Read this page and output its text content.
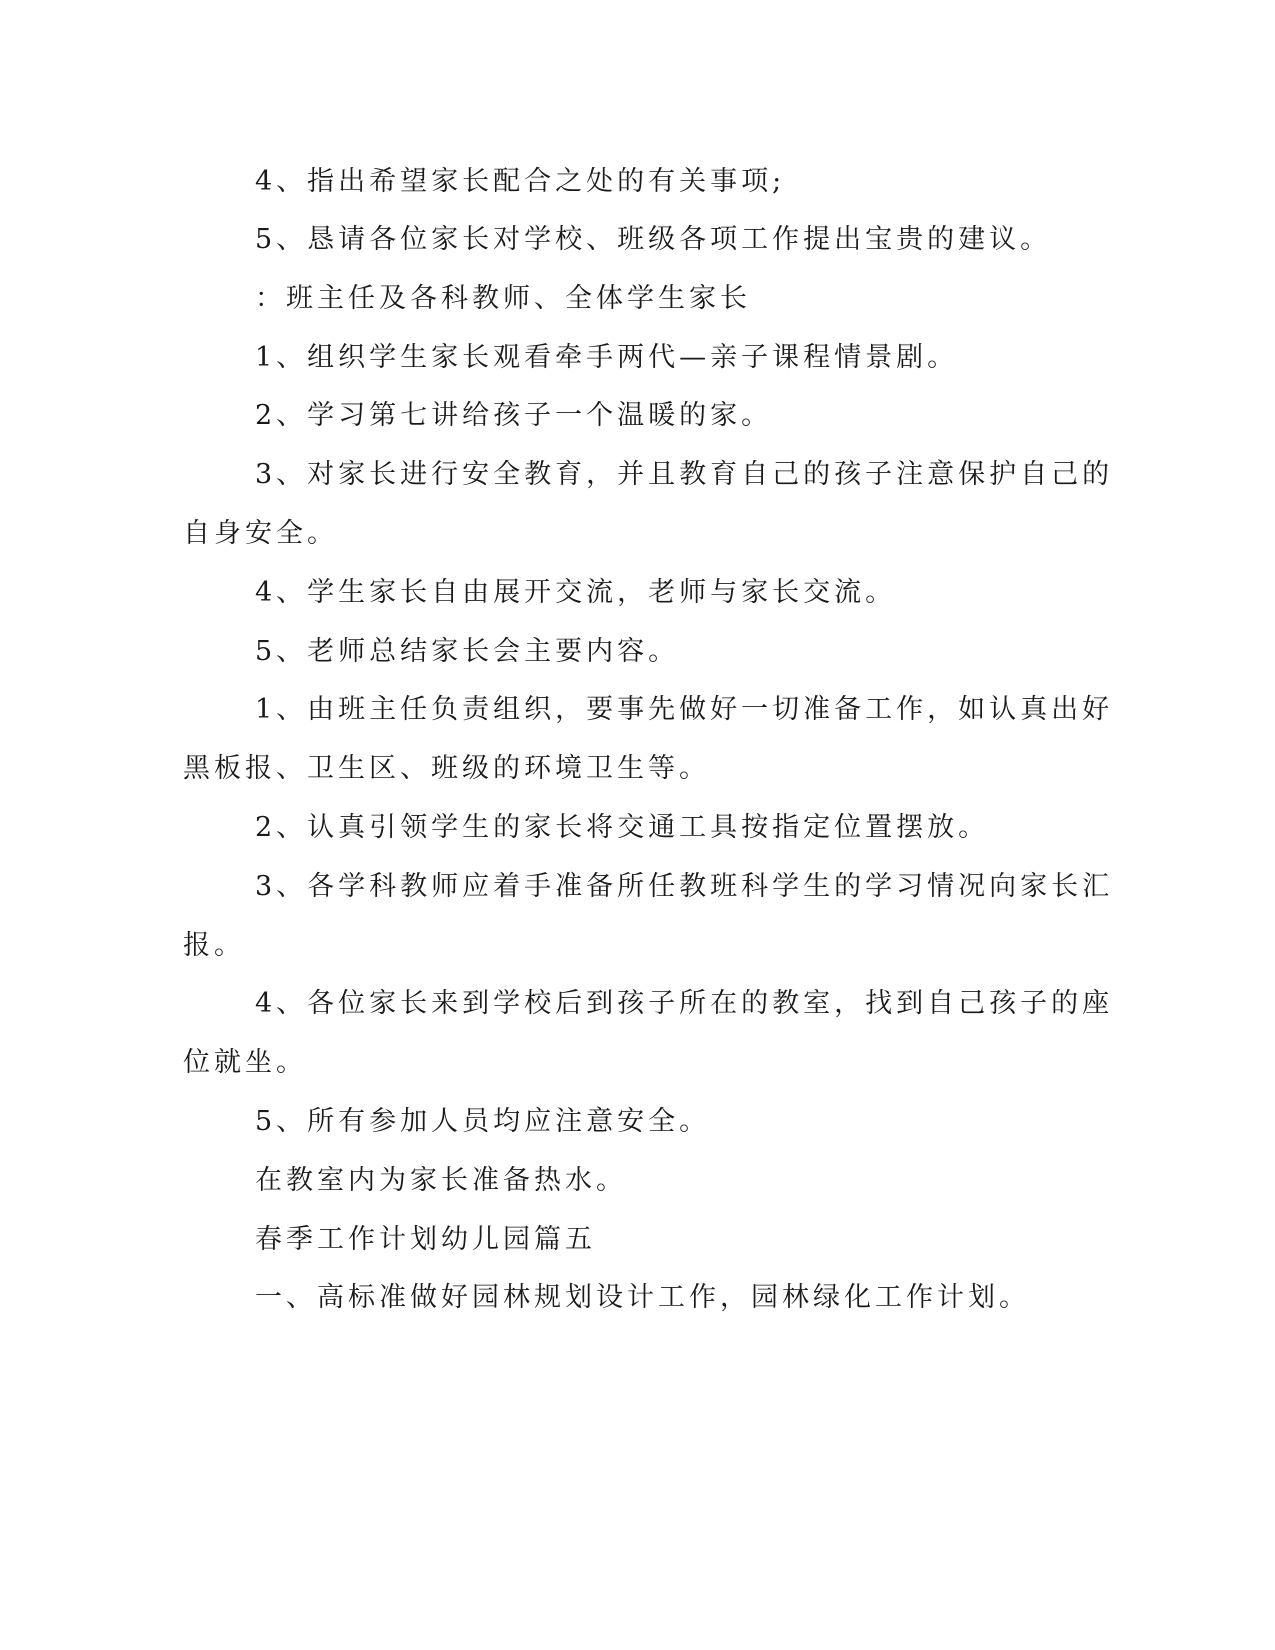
4、指出希望家长配合之处的有关事项;
5、恳请各位家长对学校、班级各项工作提出宝贵的建议。
：班主任及各科教师、全体学生家长
1、组织学生家长观看牵手两代—亲子课程情景剧。
2、学习第七讲给孩子一个温暖的家。
3、对家长进行安全教育，并且教育自己的孩子注意保护自己的
自身安全。
4、学生家长自由展开交流，老师与家长交流。
5、老师总结家长会主要内容。
1、由班主任负责组织，要事先做好一切准备工作，如认真出好
黑板报、卫生区、班级的环境卫生等。
2、认真引领学生的家长将交通工具按指定位置摆放。
3、各学科教师应着手准备所任教班科学生的学习情况向家长汇
报。
4、各位家长来到学校后到孩子所在的教室，找到自己孩子的座
位就坐。
5、所有参加人员均应注意安全。
在教室内为家长准备热水。
春季工作计划幼儿园篇五
一、高标准做好园林规划设计工作，园林绿化工作计划。
